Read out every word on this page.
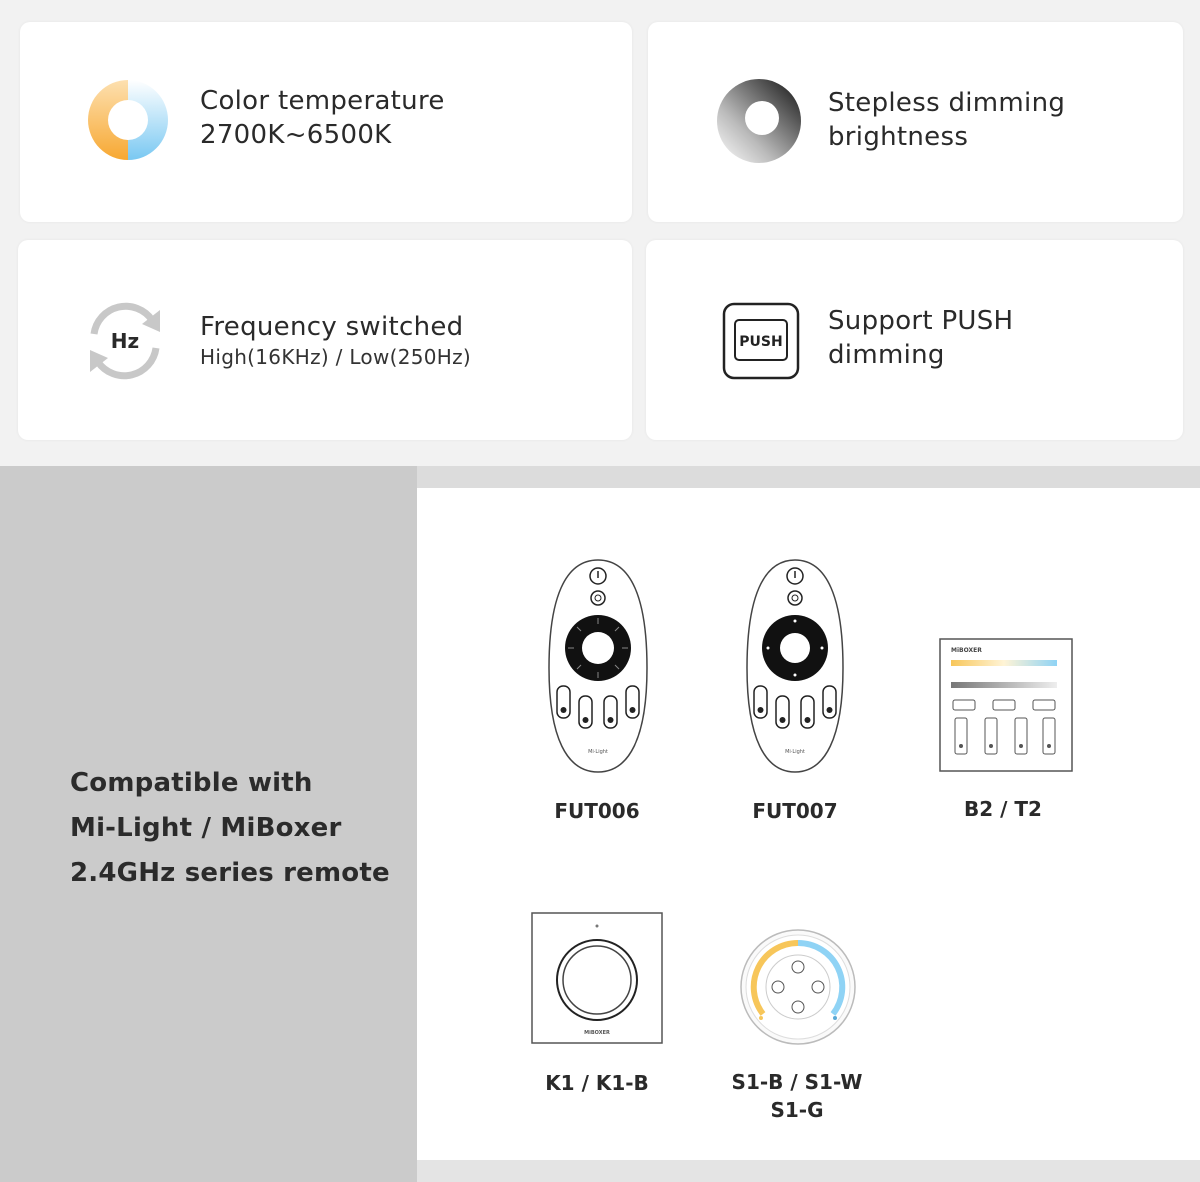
Color temperature
2700K~6500K
Stepless dimming
brightness
Hz Frequency switched
High(16KHz) / Low(250Hz)
PUSH
Support PUSH
dimming
Compatible with
Mi-Light / MiBoxer
2.4GHz series remote
Mi·Light
FUT006
Mi·Light
FUT007
MiBOXER
B2 / T2
MiBOXER
K1 / K1-B	S1-B / S1-W
S1-G
